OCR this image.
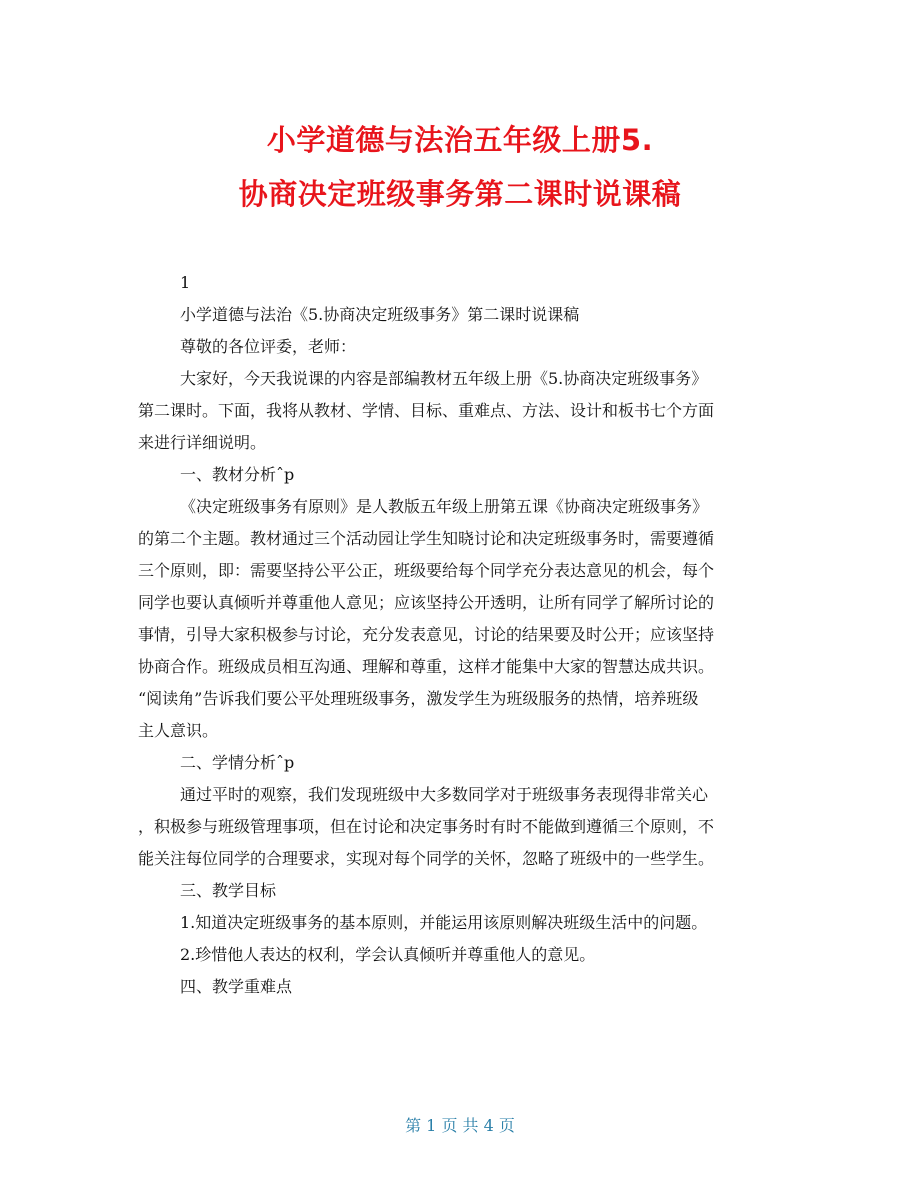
小学道德与法治五年级上册5.
协商决定班级事务第二课时说课稿
1
小学道德与法治《5.协商决定班级事务》第二课时说课稿
尊敬的各位评委，老师：
大家好，今天我说课的内容是部编教材五年级上册《5.协商决定班级事务》
第二课时。下面，我将从教材、学情、目标、重难点、方法、设计和板书七个方面
来进行详细说明。
一、教材分析ˆp
《决定班级事务有原则》是人教版五年级上册第五课《协商决定班级事务》
的第二个主题。教材通过三个活动园让学生知晓讨论和决定班级事务时，需要遵循
三个原则，即：需要坚持公平公正，班级要给每个同学充分表达意见的机会，每个
同学也要认真倾听并尊重他人意见；应该坚持公开透明，让所有同学了解所讨论的
事情，引导大家积极参与讨论，充分发表意见，讨论的结果要及时公开；应该坚持
协商合作。班级成员相互沟通、理解和尊重，这样才能集中大家的智慧达成共识。
“阅读角”告诉我们要公平处理班级事务，激发学生为班级服务的热情，培养班级
主人意识。
二、学情分析ˆp
通过平时的观察，我们发现班级中大多数同学对于班级事务表现得非常关心
，积极参与班级管理事项，但在讨论和决定事务时有时不能做到遵循三个原则，不
能关注每位同学的合理要求，实现对每个同学的关怀，忽略了班级中的一些学生。
三、教学目标
1.知道决定班级事务的基本原则，并能运用该原则解决班级生活中的问题。
2.珍惜他人表达的权利，学会认真倾听并尊重他人的意见。
四、教学重难点
第 1 页 共 4 页
